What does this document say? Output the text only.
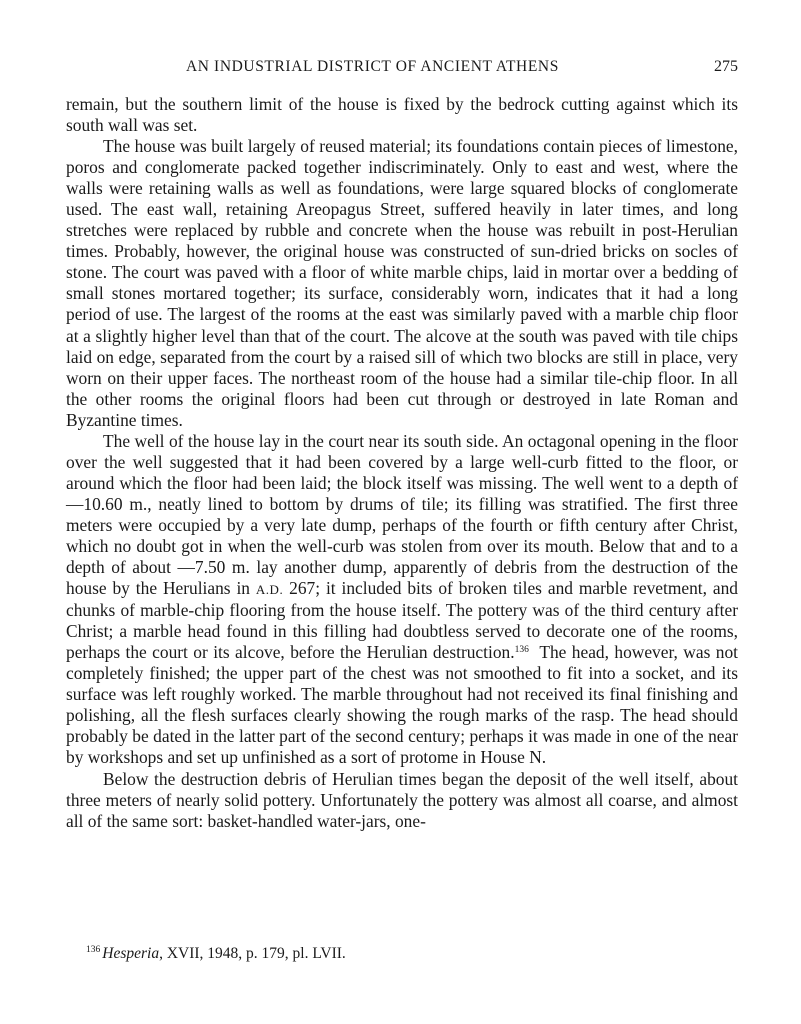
AN INDUSTRIAL DISTRICT OF ANCIENT ATHENS	275

remain, but the southern limit of the house is fixed by the bedrock cutting against which its south wall was set.

The house was built largely of reused material; its foundations contain pieces of limestone, poros and conglomerate packed together indiscriminately. Only to east and west, where the walls were retaining walls as well as foundations, were large squared blocks of conglomerate used. The east wall, retaining Areopagus Street, suffered heavily in later times, and long stretches were replaced by rubble and concrete when the house was rebuilt in post-Herulian times. Probably, however, the original house was constructed of sun-dried bricks on socles of stone. The court was paved with a floor of white marble chips, laid in mortar over a bedding of small stones mortared together; its surface, considerably worn, indicates that it had a long period of use. The largest of the rooms at the east was similarly paved with a marble chip floor at a slightly higher level than that of the court. The alcove at the south was paved with tile chips laid on edge, separated from the court by a raised sill of which two blocks are still in place, very worn on their upper faces. The northeast room of the house had a similar tile-chip floor. In all the other rooms the original floors had been cut through or destroyed in late Roman and Byzantine times.

The well of the house lay in the court near its south side. An octagonal opening in the floor over the well suggested that it had been covered by a large well-curb fitted to the floor, or around which the floor had been laid; the block itself was missing. The well went to a depth of —10.60 m., neatly lined to bottom by drums of tile; its filling was stratified. The first three meters were occupied by a very late dump, perhaps of the fourth or fifth century after Christ, which no doubt got in when the well-curb was stolen from over its mouth. Below that and to a depth of about —7.50 m. lay another dump, apparently of debris from the destruction of the house by the Herulians in A.D. 267; it included bits of broken tiles and marble revetment, and chunks of marble-chip flooring from the house itself. The pottery was of the third century after Christ; a marble head found in this filling had doubtless served to decorate one of the rooms, perhaps the court or its alcove, before the Herulian destruction.$^{136}$ The head, however, was not completely finished; the upper part of the chest was not smoothed to fit into a socket, and its surface was left roughly worked. The marble throughout had not received its final finishing and polishing, all the flesh surfaces clearly showing the rough marks of the rasp. The head should probably be dated in the latter part of the second century; perhaps it was made in one of the near by workshops and set up unfinished as a sort of protome in House N.

Below the destruction debris of Herulian times began the deposit of the well itself, about three meters of nearly solid pottery. Unfortunately the pottery was almost all coarse, and almost all of the same sort: basket-handled water-jars, one-

$^{136}$ Hesperia, XVII, 1948, p. 179, pl. LVII.
